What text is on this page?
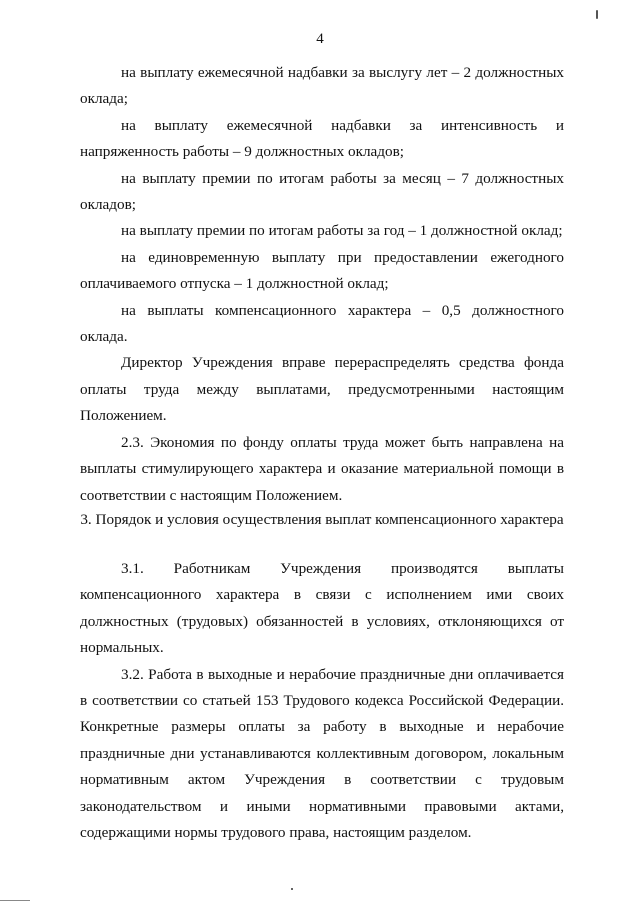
4

на выплату ежемесячной надбавки за выслугу лет – 2 должностных оклада;

на выплату ежемесячной надбавки за интенсивность и напряженность работы – 9 должностных окладов;

на выплату премии по итогам работы за месяц – 7 должностных окладов;

на выплату премии по итогам работы за год – 1 должностной оклад;

на единовременную выплату при предоставлении ежегодного оплачиваемого отпуска – 1 должностной оклад;

на выплаты компенсационного характера – 0,5 должностного оклада.

Директор Учреждения вправе перераспределять средства фонда оплаты труда между выплатами, предусмотренными настоящим Положением.

2.3. Экономия по фонду оплаты труда может быть направлена на выплаты стимулирующего характера и оказание материальной помощи в соответствии с настоящим Положением.

3. Порядок и условия осуществления выплат компенсационного характера

3.1. Работникам Учреждения производятся выплаты компенсационного характера в связи с исполнением ими своих должностных (трудовых) обязанностей в условиях, отклоняющихся от нормальных.

3.2. Работа в выходные и нерабочие праздничные дни оплачивается в соответствии со статьей 153 Трудового кодекса Российской Федерации. Конкретные размеры оплаты за работу в выходные и нерабочие праздничные дни устанавливаются коллективным договором, локальным нормативным актом Учреждения в соответствии с трудовым законодательством и иными нормативными правовыми актами, содержащими нормы трудового права, настоящим разделом.
